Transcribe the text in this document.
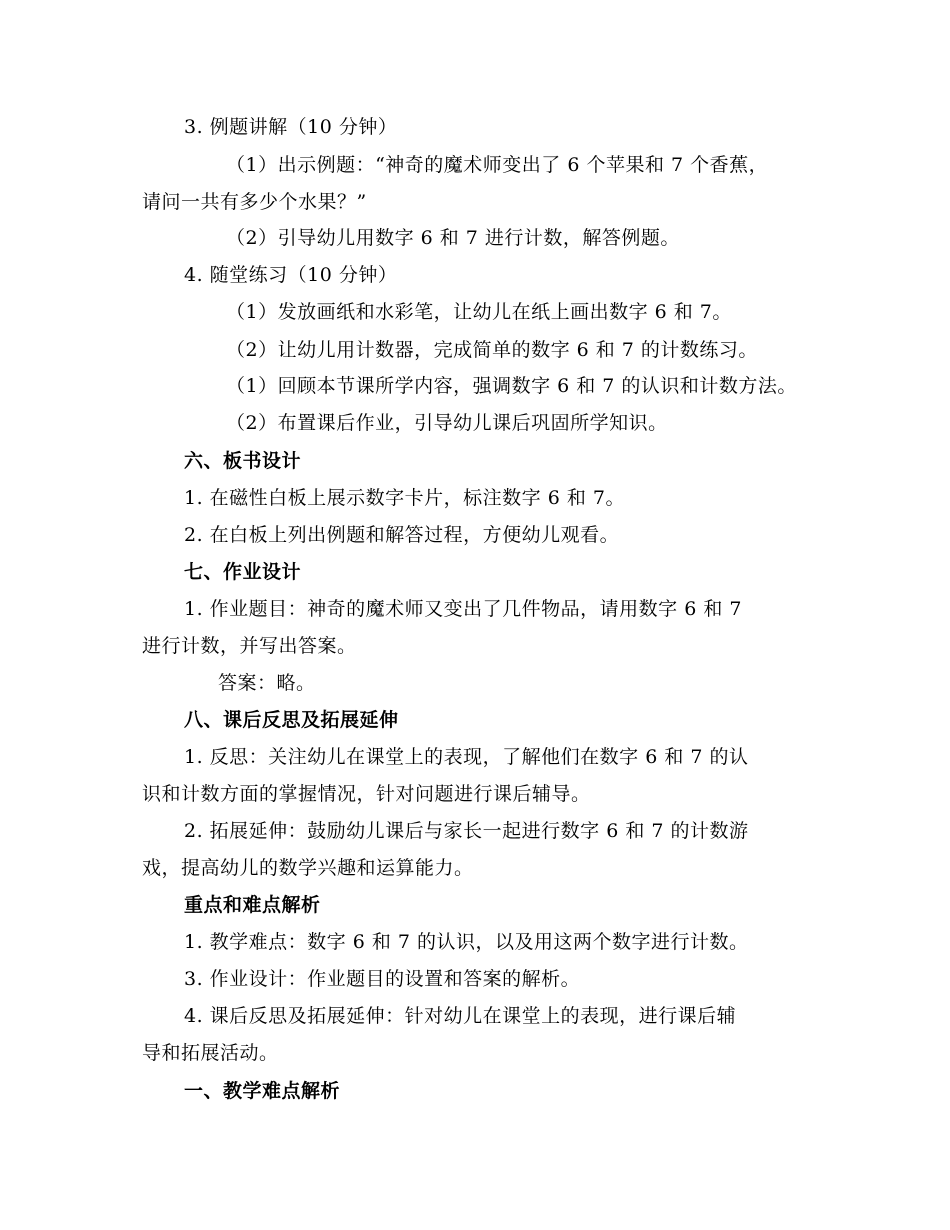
3. 例题讲解（10 分钟）
（1）出示例题：“神奇的魔术师变出了 6 个苹果和 7 个香蕉，
请问一共有多少个水果？”
（2）引导幼儿用数字 6 和 7 进行计数，解答例题。
4. 随堂练习（10 分钟）
（1）发放画纸和水彩笔，让幼儿在纸上画出数字 6 和 7。
（2）让幼儿用计数器，完成简单的数字 6 和 7 的计数练习。
（1）回顾本节课所学内容，强调数字 6 和 7 的认识和计数方法。
（2）布置课后作业，引导幼儿课后巩固所学知识。
六、板书设计
1. 在磁性白板上展示数字卡片，标注数字 6 和 7。
2. 在白板上列出例题和解答过程，方便幼儿观看。
七、作业设计
1. 作业题目：神奇的魔术师又变出了几件物品，请用数字 6 和 7
进行计数，并写出答案。
答案：略。
八、课后反思及拓展延伸
1. 反思：关注幼儿在课堂上的表现，了解他们在数字 6 和 7 的认
识和计数方面的掌握情况，针对问题进行课后辅导。
2. 拓展延伸：鼓励幼儿课后与家长一起进行数字 6 和 7 的计数游
戏，提高幼儿的数学兴趣和运算能力。
重点和难点解析
1. 教学难点：数字 6 和 7 的认识，以及用这两个数字进行计数。
3. 作业设计：作业题目的设置和答案的解析。
4. 课后反思及拓展延伸：针对幼儿在课堂上的表现，进行课后辅
导和拓展活动。
一、教学难点解析
